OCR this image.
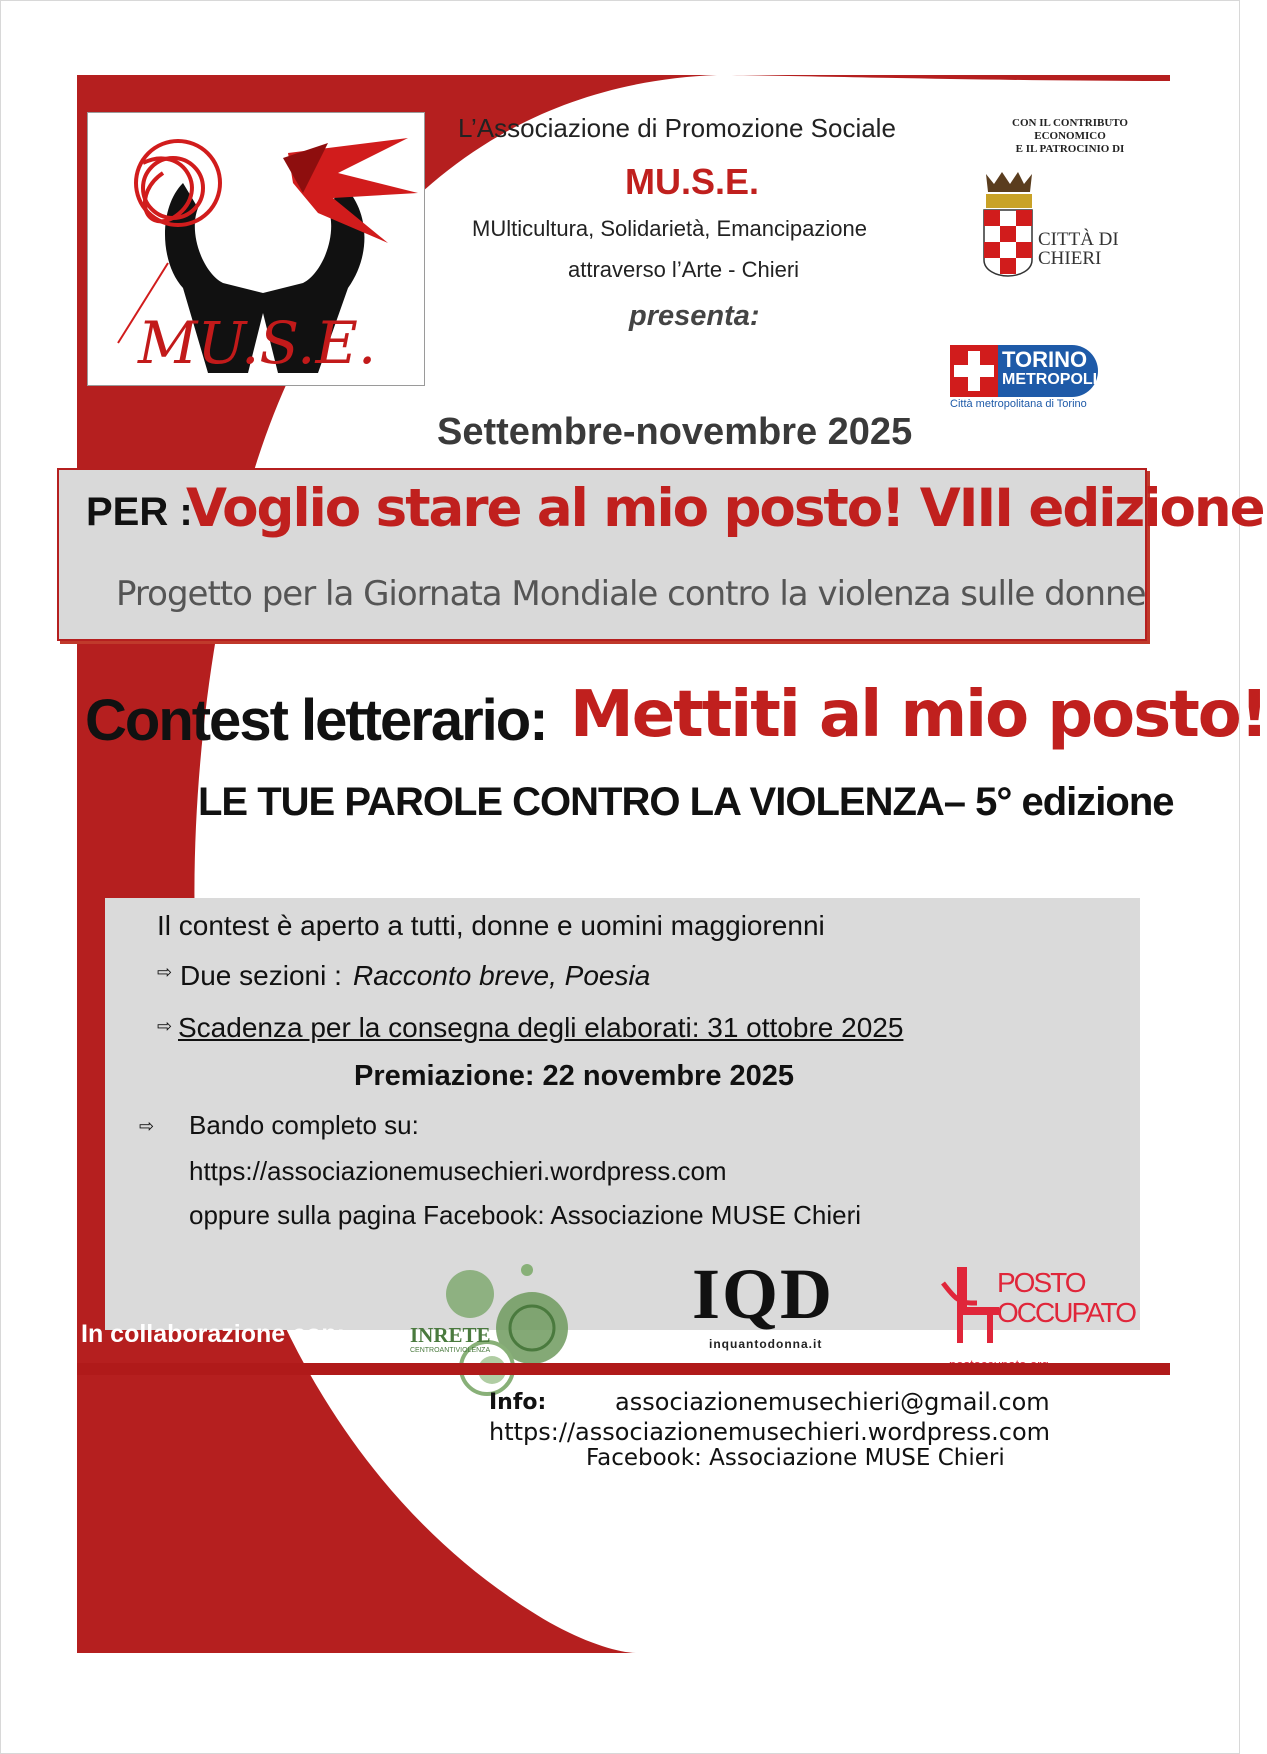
MU.S.E.
L’Associazione di Promozione Sociale
MU.S.E.
MUlticultura, Solidarietà, Emancipazione
attraverso l’Arte - Chieri
presenta:
CON IL CONTRIBUTO
ECONOMICO
E IL PATROCINIO DI
CITTÀ DI
CHIERI
TORINO
METROPOLI
Città metropolitana di Torino
Settembre-novembre 2025
PER :
Voglio stare al mio posto! VIII edizione
Progetto per la Giornata Mondiale contro la violenza sulle donne
Contest letterario: Mettiti al mio posto!
LE TUE PAROLE CONTRO LA VIOLENZA– 5° edizione
Il contest è aperto a tutti, donne e uomini maggiorenni
⇨ Due sezioni : Racconto breve, Poesia
⇨ Scadenza per la consegna degli elaborati: 31 ottobre 2025
Premiazione: 22 novembre 2025
⇨ Bando completo su:
https://associazionemusechieri.wordpress.com
oppure sulla pagina Facebook: Associazione MUSE Chieri
In collaborazione con:	INRETE
CENTROANTIVIOLENZA
IQD
inquantodonna.it
POSTO
OCCUPATO
Info:	associazionemusechieri@gmail.com
https://associazionemusechieri.wordpress.com
Facebook: Associazione MUSE Chieri
